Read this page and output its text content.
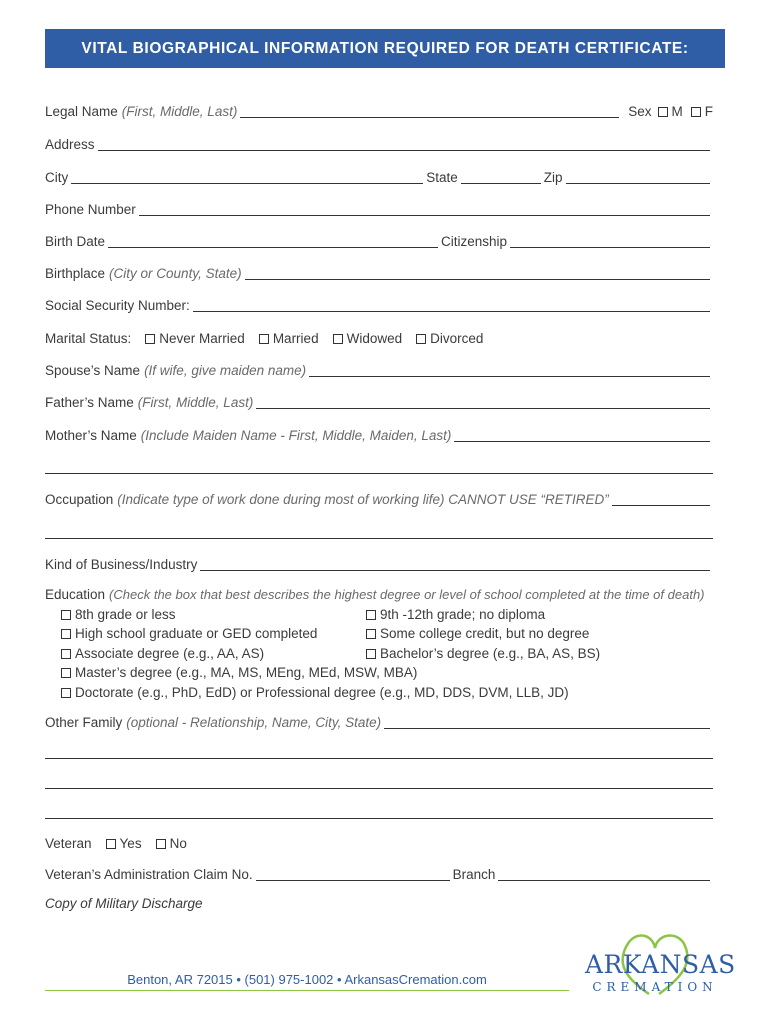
VITAL BIOGRAPHICAL INFORMATION REQUIRED FOR DEATH CERTIFICATE:
Legal Name (First, Middle, Last)	Sex M F
Address
City	State	Zip
Phone Number
Birth Date	Citizenship
Birthplace (City or County, State)
Social Security Number:
Marital Status: Never Married Married Widowed Divorced
Spouse’s Name (If wife, give maiden name)
Father’s Name (First, Middle, Last)
Mother’s Name (Include Maiden Name - First, Middle, Maiden, Last)
Occupation (Indicate type of work done during most of working life) CANNOT USE “RETIRED”
Kind of Business/Industry
Education (Check the box that best describes the highest degree or level of school completed at the time of death)
8th grade or less	9th -12th grade; no diploma
High school graduate or GED completed	Some college credit, but no degree
Associate degree (e.g., AA, AS)	Bachelor’s degree (e.g., BA, AS, BS)
Master’s degree (e.g., MA, MS, MEng, MEd, MSW, MBA)
Doctorate (e.g., PhD, EdD) or Professional degree (e.g., MD, DDS, DVM, LLB, JD)
Other Family (optional - Relationship, Name, City, State)
Veteran Yes No
Veteran’s Administration Claim No.	Branch
Copy of Military Discharge
Benton, AR 72015 • (501) 975-1002 • ArkansasCremation.com
ARKANSAS
CREMATION
